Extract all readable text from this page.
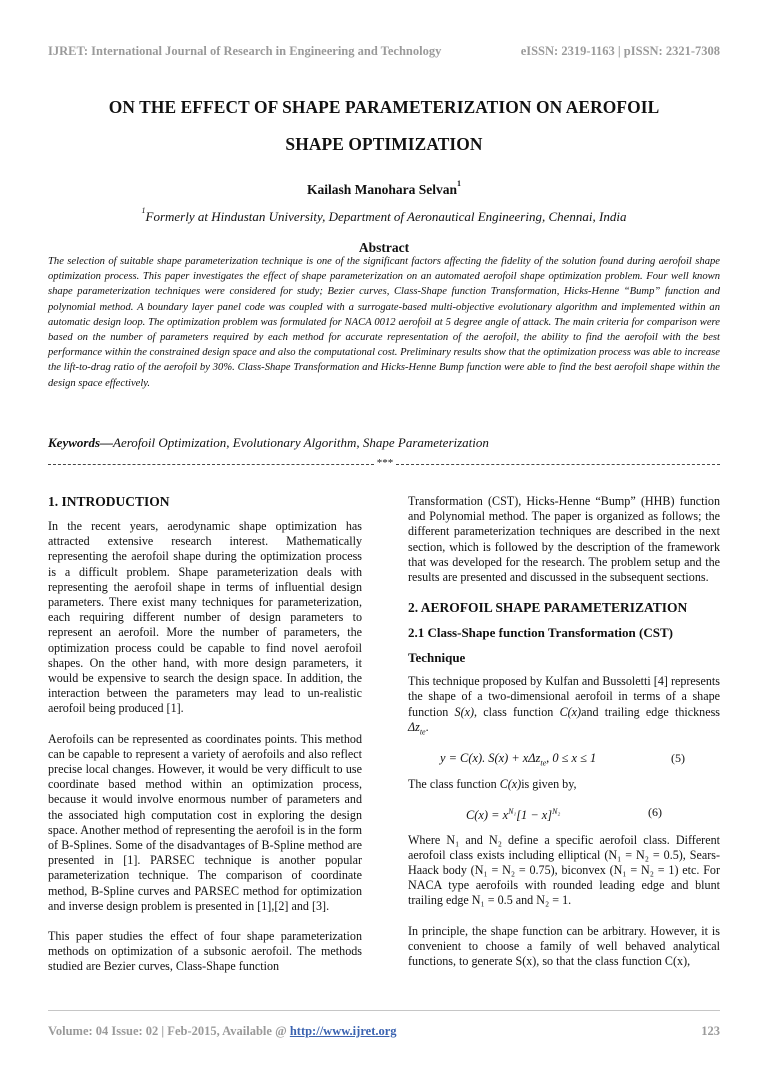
IJRET: International Journal of Research in Engineering and Technology	eISSN: 2319-1163 | pISSN: 2321-7308
ON THE EFFECT OF SHAPE PARAMETERIZATION ON AEROFOIL
SHAPE OPTIMIZATION
Kailash Manohara Selvan$^1$
$^1$Formerly at Hindustan University, Department of Aeronautical Engineering, Chennai, India
Abstract
The selection of suitable shape parameterization technique is one of the significant factors affecting the fidelity of the solution found during aerofoil shape optimization process. This paper investigates the effect of shape parameterization on an automated aerofoil shape optimization problem. Four well known shape parameterization techniques were considered for study; Bezier curves, Class-Shape function Transformation, Hicks-Henne “Bump” function and polynomial method. A boundary layer panel code was coupled with a surrogate-based multi-objective evolutionary algorithm and implemented within an automatic design loop. The optimization problem was formulated for NACA 0012 aerofoil at 5 degree angle of attack. The main criteria for comparison were based on the number of parameters required by each method for accurate representation of the aerofoil, the ability to find the aerofoil with the best performance within the constrained design space and also the computational cost. Preliminary results show that the optimization process was able to increase the lift-to-drag ratio of the aerofoil by 30%. Class-Shape Transformation and Hicks-Henne Bump function were able to find the best aerofoil shape within the design space effectively.
Keywords—Aerofoil Optimization, Evolutionary Algorithm, Shape Parameterization
***

1. INTRODUCTION

In the recent years, aerodynamic shape optimization has attracted extensive research interest. Mathematically representing the aerofoil shape during the optimization process is a difficult problem. Shape parameterization deals with representing the aerofoil shape in terms of influential design parameters. There exist many techniques for parameterization, each requiring different number of design parameters to represent an aerofoil. More the number of parameters, the optimization process could be capable to find novel aerofoil shapes. On the other hand, with more design parameters, it would be expensive to search the design space. In addition, the interaction between the parameters may lead to un-realistic aerofoil being produced [1].

Aerofoils can be represented as coordinates points. This method can be capable to represent a variety of aerofoils and also reflect precise local changes. However, it would be very difficult to use coordinate based method within an optimization process, because it would involve enormous number of parameters and the associated high computation cost in exploring the design space. Another method of representing the aerofoil is in the form of B-Splines. Some of the disadvantages of B-Spline method are presented in [1]. PARSEC technique is another popular parameterization technique. The comparison of coordinate method, B-Spline curves and PARSEC method for optimization and inverse design problem is presented in [1],[2] and [3].

This paper studies the effect of four shape parameterization methods on optimization of a subsonic aerofoil. The methods studied are Bezier curves, Class-Shape function

Transformation (CST), Hicks-Henne “Bump” (HHB) function and Polynomial method. The paper is organized as follows; the different parameterization techniques are described in the next section, which is followed by the description of the framework that was developed for the research. The problem setup and the results are presented and discussed in the subsequent sections.

2. AEROFOIL SHAPE PARAMETERIZATION

2.1 Class-Shape function Transformation (CST)

Technique

This technique proposed by Kulfan and Bussoletti [4] represents the shape of a two-dimensional aerofoil in terms of a shape function S(x), class function C(x)and trailing edge thickness $\Delta z_{te}$.

y = C(x). S(x) + xΔz$_{te}$, 0 ≤ x ≤ 1	(5)

The class function C(x)is given by,

$C(x) = x^{N_1}[1 - x]^{N_2}$	(6)

Where N₁ and N₂ define a specific aerofoil class. Different aerofoil class exists including elliptical (N₁ = N₂ = 0.5), Sears-Haack body (N₁ = N₂ = 0.75), biconvex (N₁ = N₂ = 1) etc. For NACA type aerofoils with rounded leading edge and blunt trailing edge N₁ = 0.5 and N₂ = 1.

In principle, the shape function can be arbitrary. However, it is convenient to choose a family of well behaved analytical functions, to generate S(x), so that the class function C(x),

Volume: 04 Issue: 02 | Feb-2015, Available @ http://www.ijret.org	123
